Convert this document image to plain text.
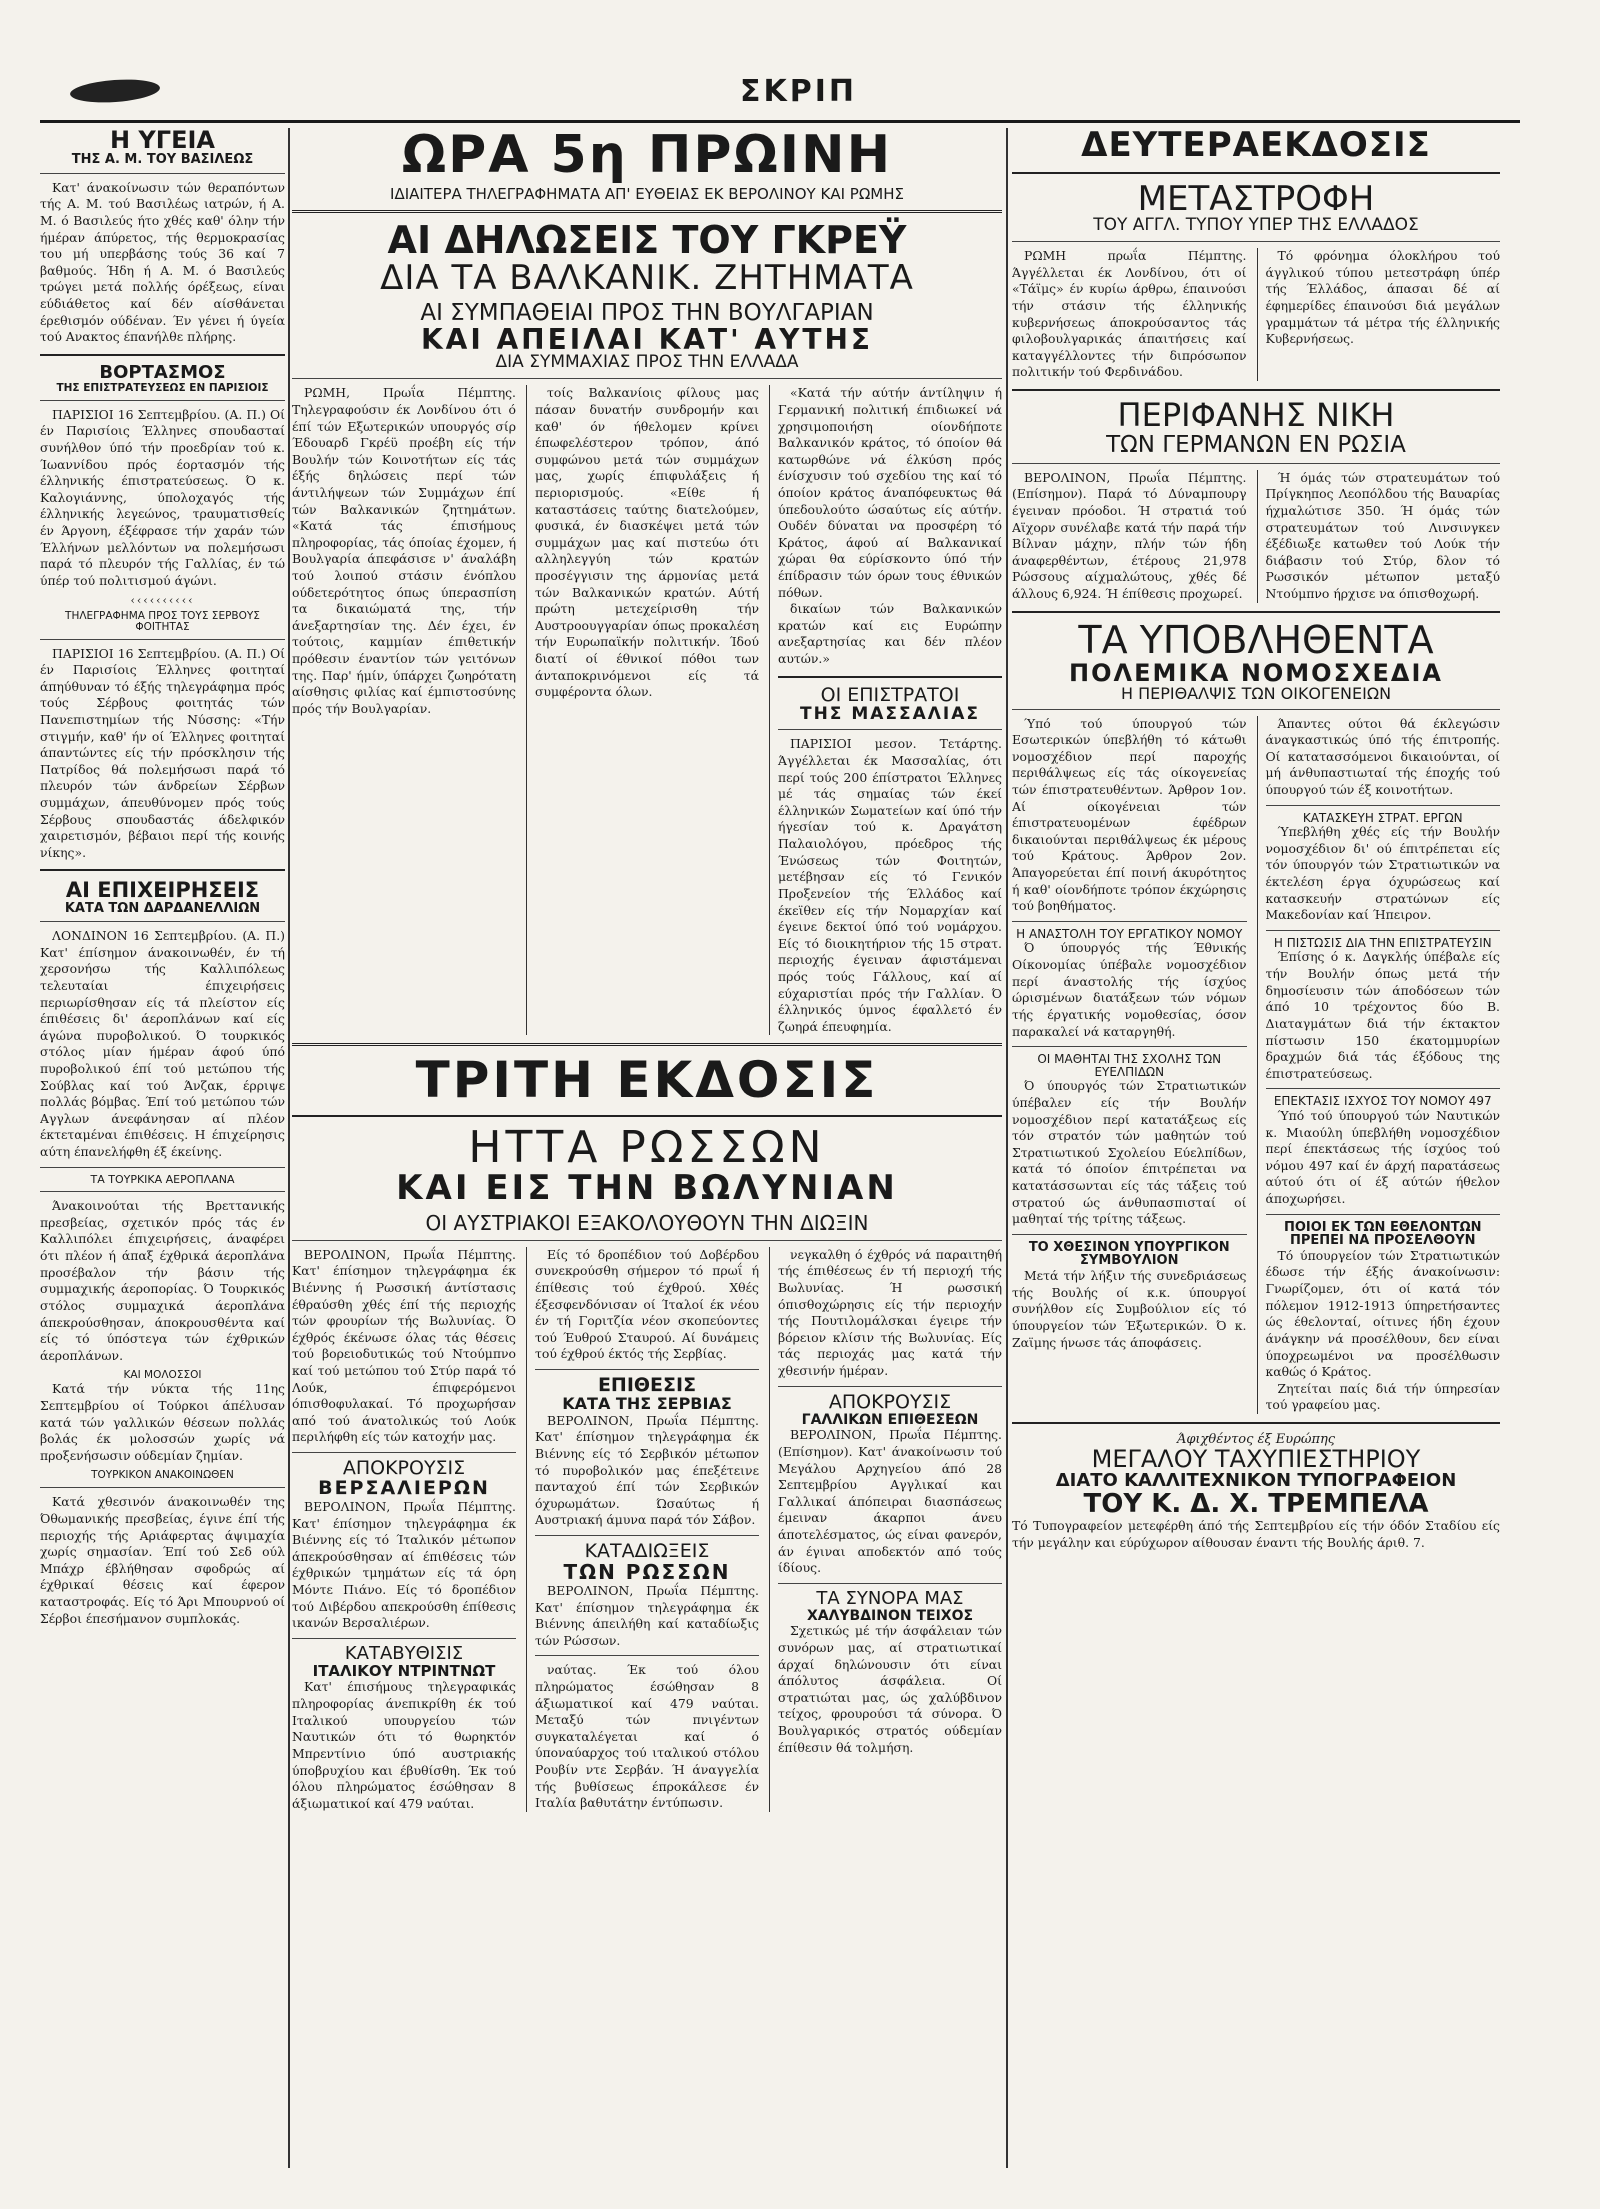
ΣΚΡΙΠ
Η ΥΓΕΙΑ
ΤΗΣ Α. Μ. ΤΟΥ ΒΑΣΙΛΕΩΣ

Κατ' άνακοίνωσιν τών θεραπόντων τής Α. Μ. τού Βασιλέως ιατρών, ή Α. Μ. ό Βασιλεύς ήτο χθές καθ' όλην τήν ήμέραν άπύρετος, τής θερμοκρασίας του μή υπερβάσης τούς 36 καί 7 βαθμούς. Ήδη ή Α. Μ. ό Βασιλεύς τρώγει μετά πολλής όρέξεως, είναι εύδιάθετος καί δέν αίσθάνεται έρεθισμόν ούδέναν. Έν γένει ή ύγεία τού Ανακτος έπανήλθε πλήρης.

ΒΟΡΤΑΣΜΟΣ
ΤΗΣ ΕΠΙΣΤΡΑΤΕΥΣΕΩΣ ΕΝ ΠΑΡΙΣΙΟΙΣ

ΠΑΡΙΣΙΟΙ 16 Σεπτεμβρίου. (Α. Π.) Οί έν Παρισίοις Έλληνες σπουδασταί συνήλθον ύπό τήν προεδρίαν τού κ. Ίωαννίδου πρός έορτασμόν τής έλληνικής έπιστρατεύσεως. Ό κ. Καλογιάννης, ύπολοχαγός τής έλληνικής λεγεώνος, τραυματισθείς έν Άργονη, έξέφρασε τήν χαράν τών Έλλήνων μελλόντων να πολεμήσωσι παρά τό πλευρόν τής Γαλλίας, έν τώ ύπέρ τού πολιτισμού άγώνι.

‹‹‹‹‹‹‹‹‹‹
ΤΗΛΕΓΡΑΦΗΜΑ ΠΡΟΣ ΤΟΥΣ ΣΕΡΒΟΥΣ ΦΟΙΤΗΤΑΣ

ΠΑΡΙΣΙΟΙ 16 Σεπτεμβρίου. (Α. Π.) Οί έν Παρισίοις Έλληνες φοιτηταί άπηύθυναν τό έξής τηλεγράφημα πρός τούς Σέρβους φοιτητάς τών Πανεπιστημίων τής Νύσσης: «Τήν στιγμήν, καθ' ήν οί Έλληνες φοιτηταί άπαντώντες είς τήν πρόσκλησιν τής Πατρίδος θά πολεμήσωσι παρά τό πλευρόν τών άνδρείων Σέρβων συμμάχων, άπευθύνομεν πρός τούς Σέρβους σπουδαστάς άδελφικόν χαιρετισμόν, βέβαιοι περί τής κοινής νίκης».

ΑΙ ΕΠΙΧΕΙΡΗΣΕΙΣ
ΚΑΤΑ ΤΩΝ ΔΑΡΔΑΝΕΛΛΙΩΝ

ΛΟΝΔΙΝΟΝ 16 Σεπτεμβρίου. (Α. Π.) Κατ' έπίσημον άνακοινωθέν, έν τή χερσονήσω τής Καλλιπόλεως τελευταίαι έπιχειρήσεις περιωρίσθησαν είς τά πλείστον είς έπιθέσεις δι' άεροπλάνων καί είς άγώνα πυροβολικού. Ό τουρκικός στόλος μίαν ήμέραν άφού ύπό πυροβολικού έπί τού μετώπου τής Σούβλας καί τού Άνζακ, έρριψε πολλάς βόμβας. Έπί τού μετώπου τών Αγγλων άνεφάνησαν αί πλέον έκτεταμέναι έπιθέσεις. Η έπιχείρησις αύτη έπανελήφθη έξ έκείνης.

ΤΑ ΤΟΥΡΚΙΚΑ ΑΕΡΟΠΛΑΝΑ

Άνακοινούται τής Βρεττανικής πρεσβείας, σχετικόν πρός τάς έν Καλλιπόλει έπιχειρήσεις, άναφέρει ότι πλέον ή άπαξ έχθρικά άεροπλάνα προσέβαλον τήν βάσιν τής συμμαχικής άεροπορίας. Ό Τουρκικός στόλος συμμαχικά άεροπλάνα άπεκρούσθησαν, άποκρουσθέντα καί είς τό ύπόστεγα τών έχθρικών άεροπλάνων.

ΚΑΙ ΜΟΛΟΣΣΟΙ

Κατά τήν νύκτα τής 11ης Σεπτεμβρίου οί Τούρκοι άπέλυσαν κατά τών γαλλικών θέσεων πολλάς βολάς έκ μολοσσών χωρίς νά προξενήσωσιν ούδεμίαν ζημίαν.

ΤΟΥΡΚΙΚΟΝ ΑΝΑΚΟΙΝΩΘΕΝ

Κατά χθεσινόν άνακοινωθέν της Όθωμανικής πρεσβείας, έγινε έπί τής περιοχής τής Αριάφερτας άψιμαχία χωρίς σημασίαν. Έπί τού Σεδ ούλ Μπάχρ έβλήθησαν σφοδρώς αί έχθρικαί θέσεις καί έφερον καταστροφάς. Είς τό Άρι Μπουρνού οί Σέρβοι έπεσήμανον συμπλοκάς.

ΩΡΑ 5η ΠΡΩΙΝΗ
ΙΔΙΑΙΤΕΡΑ ΤΗΛΕΓΡΑΦΗΜΑΤΑ ΑΠ' ΕΥΘΕΙΑΣ ΕΚ ΒΕΡΟΛΙΝΟΥ ΚΑΙ ΡΩΜΗΣ
ΑΙ ΔΗΛΩΣΕΙΣ ΤΟΥ ΓΚΡΕΫ
ΔΙΑ ΤΑ ΒΑΛΚΑΝΙΚ. ΖΗΤΗΜΑΤΑ
ΑΙ ΣΥΜΠΑΘΕΙΑΙ ΠΡΟΣ ΤΗΝ ΒΟΥΛΓΑΡΙΑΝ
ΚΑΙ ΑΠΕΙΛΑΙ ΚΑΤ' ΑΥΤΗΣ
ΔΙΑ ΣΥΜΜΑΧΙΑΣ ΠΡΟΣ ΤΗΝ ΕΛΛΑΔΑ

ΡΩΜΗ, Πρωΐα Πέμπτης. Τηλεγραφούσιν έκ Λονδίνου ότι ό έπί τών Εξωτερικών υπουργός σίρ Έδουαρδ Γκρέϋ προέβη είς τήν Βουλήν τών Κοινοτήτων είς τάς έξής δηλώσεις περί τών άντιλήψεων τών Συμμάχων έπί τών Βαλκανικών ζητημάτων. «Κατά τάς έπισήμους πληροφορίας, τάς όποίας έχομεν, ή Βουλγαρία άπεφάσισε ν' άναλάβη τού λοιπού στάσιν ένόπλου ούδετερότητος όπως ύπερασπίση τα δικαιώματά της, τήν άνεξαρτησίαν της. Δέν έχει, έν τούτοις, καμμίαν έπιθετικήν πρόθεσιν έναντίον τών γειτόνων της. Παρ' ήμίν, ύπάρχει ζωηρότατη αίσθησις φιλίας καί έμπιστοσύνης πρός τήν Βουλγαρίαν.

τοίς Βαλκανίοις φίλους μας πάσαν δυνατήν συνδρομήν και καθ' όν ήθελομεν κρίνει έπωφελέστερον τρόπον, άπό συμφώνου μετά τών συμμάχων μας, χωρίς έπιφυλάξεις ή περιορισμούς. «Είθε ή καταστάσεις ταύτης διατελούμεν, φυσικά, έν διασκέψει μετά τών συμμάχων μας καί πιστεύω ότι αλληλεγγύη τών κρατών προσέγγισιν της άρμονίας μετά τών Βαλκανικών κρατών. Αύτή πρώτη μετεχείρισθη τήν Αυστροουγγαρίαν όπως προκαλέση τήν Ευρωπαϊκήν πολιτικήν. Ίδού διατί οί έθνικοί πόθοι των άνταποκρινόμενοι είς τά συμφέροντα όλων.

«Κατά τήν αύτήν άντίληψιν ή Γερμανική πολιτική έπιδιωκεί νά χρησιμοποιήση οίονδήποτε Βαλκανικόν κράτος, τό όποίον θά κατωρθώνε νά έλκύση πρός ένίσχυσιν τού σχεδίου της καί τό όποίον κράτος άναπόφευκτως θά ύπεδουλούτο ώσαύτως είς αύτήν. Ουδέν δύναται να προσφέρη τό Κράτος, άφού αί Βαλκανικαί χώραι θα εύρίσκοντο ύπό τήν έπίδρασιν τών όρων τους έθνικών πόθων.

δικαίων τών Βαλκανικών κρατών καί εις Ευρώπην ανεξαρτησίας και δέν πλέον αυτών.»

ΟΙ ΕΠΙΣΤΡΑΤΟΙ
ΤΗΣ ΜΑΣΣΑΛΙΑΣ

ΠΑΡΙΣΙΟΙ μεσον. Τετάρτης. Άγγέλλεται έκ Μασσαλίας, ότι περί τούς 200 έπίστρατοι Έλληνες μέ τάς σημαίας τών έκεί έλληνικών Σωματείων καί ύπό τήν ήγεσίαν τού κ. Δραγάτση Παλαιολόγου, πρόεδρος τής Ένώσεως τών Φοιτητών, μετέβησαν είς τό Γενικόν Προξενείον τής Έλλάδος καί έκεϊθεν είς τήν Νομαρχίαν καί έγεινε δεκτοί ύπό τού νομάρχου. Είς τό διοικητήριον τής 15 στρατ. περιοχής έγειναν άφιστάμεναι πρός τούς Γάλλους, καί αί εύχαριστίαι πρός τήν Γαλλίαν. Ό έλληνικός ύμνος έφαλλετό έν ζωηρά έπευφημία.

ΤΡΙΤΗ ΕΚΔΟΣΙΣ
ΗΤΤΑ ΡΩΣΣΩΝ
ΚΑΙ ΕΙΣ ΤΗΝ ΒΩΛΥΝΙΑΝ
ΟΙ ΑΥΣΤΡΙΑΚΟΙ ΕΞΑΚΟΛΟΥΘΟΥΝ ΤΗΝ ΔΙΩΞΙΝ

ΒΕΡΟΛΙΝΟΝ, Πρωΐα Πέμπτης. Κατ' έπίσημον τηλεγράφημα έκ Βιέννης ή Ρωσσική άντίστασις έθραύσθη χθές έπί τής περιοχής τών φρουρίων τής Βωλυνίας. Ό έχθρός έκένωσε όλας τάς θέσεις τού βορειοδυτικώς τού Ντούμπνο καί τού μετώπου τού Στύρ παρά τό Λούκ, έπιφερόμενοι όπισθοφυλακαί. Τό προχωρήσαν από τού άνατολικώς τού Λούκ περιλήφθη είς τών κατοχήν μας.

ΑΠΟΚΡΟΥΣΙΣ
ΒΕΡΣΑΛΙΕΡΩΝ

ΒΕΡΟΛΙΝΟΝ, Πρωΐα Πέμπτης. Κατ' έπίσημον τηλεγράφημα έκ Βιέννης είς τό Ίταλικόν μέτωπον άπεκρούσθησαν αί έπιθέσεις τών έχθρικών τμημάτων είς τά όρη Μόντε Πιάνο. Είς τό δροπέδιον τού Διβέρδου απεκρούσθη έπίθεσις ικανών Βερσαλιέρων.

ΚΑΤΑΒΥΘΙΣΙΣ
ΙΤΑΛΙΚΟΥ ΝΤΡΙΝΤΝΩΤ

Κατ' έπισήμους τηλεγραφικάς πληροφορίας άνεπικρίθη έκ τού Ιταλικού υπουργείου τών Ναυτικών ότι τό θωρηκτόν Μπρεντίνιο ύπό αυστριακής ύποβρυχίου και έβυθίσθη. Έκ τού όλου πληρώματος έσώθησαν 8 άξιωματικοί καί 479 ναύται.

Είς τό δροπέδιον τού Δοβέρδου συνεκρούσθη σήμερον τό πρωΐ ή έπίθεσις τού έχθρού. Χθές έξεσφενδόνισαν οί Ίταλοί έκ νέου έν τή Γοριτζία νέον σκοπεύοντες τού Έυθρού Σταυρού. Αί δυνάμεις τού έχθρού έκτός τής Σερβίας.

ΕΠΙΘΕΣΙΣ
ΚΑΤΑ ΤΗΣ ΣΕΡΒΙΑΣ

ΒΕΡΟΛΙΝΟΝ, Πρωΐα Πέμπτης. Κατ' έπίσημον τηλεγράφημα έκ Βιέννης είς τό Σερβικόν μέτωπον τό πυροβολικόν μας έπεξέτεινε πανταχού έπί τών Σερβικών όχυρωμάτων. Ώσαύτως ή Αυστριακή άμυνα παρά τόν Σάβον.

ΚΑΤΑΔΙΩΞΕΙΣ
ΤΩΝ ΡΩΣΣΩΝ

ΒΕΡΟΛΙΝΟΝ, Πρωΐα Πέμπτης. Κατ' έπίσημον τηλεγράφημα έκ Βιέννης άπειλήθη καί καταδίωξις τών Ρώσσων.

ναύτας. Έκ τού όλου πληρώματος έσώθησαν 8 άξιωματικοί καί 479 ναύται. Μεταξύ τών πνιγέντων συγκαταλέγεται καί ό ύποναύαρχος τού ιταλικού στόλου Ρουβίν ντε Σερβάν. Ή άναγγελία τής βυθίσεως έπροκάλεσε έν Ιταλία βαθυτάτην έντύπωσιν.

νεγκαλθη ό έχθρός νά παραιτηθή τής έπιθέσεως έν τή περιοχή τής Βωλυνίας. Ή ρωσσική όπισθοχώρησις είς τήν περιοχήν τής Πουτιλομάλσκαι έγειρε τήν βόρειον κλίσιν τής Βωλυνίας. Είς τάς περιοχάς μας κατά τήν χθεσινήν ήμέραν.

ΑΠΟΚΡΟΥΣΙΣ
ΓΑΛΛΙΚΩΝ ΕΠΙΘΕΣΕΩΝ

ΒΕΡΟΛΙΝΟΝ, Πρωΐα Πέμπτης. (Επίσημον). Κατ' άνακοίνωσιν τού Μεγάλου Αρχηγείου άπό 28 Σεπτεμβρίου Αγγλικαί και Γαλλικαί άπόπειραι διασπάσεως έμειναν άκαρποι άνευ άποτελέσματος, ώς είναι φανερόν, άν έγιναι αποδεκτόν από τούς ίδίους.

ΤΑ ΣΥΝΟΡΑ ΜΑΣ
ΧΑΛΥΒΔΙΝΟΝ ΤΕΙΧΟΣ

Σχετικώς μέ τήν άσφάλειαν τών συνόρων μας, αί στρατιωτικαί άρχαί δηλώνουσιν ότι είναι άπόλυτος άσφάλεια. Οί στρατιώται μας, ώς χαλύβδινον τείχος, φρουρούσι τά σύνορα. Ό Βουλγαρικός στρατός ούδεμίαν έπίθεσιν θά τολμήση.

ΔΕΥΤΕΡΑΕΚΔΟΣΙΣ
ΜΕΤΑΣΤΡΟΦΗ
ΤΟΥ ΑΓΓΛ. ΤΥΠΟΥ ΥΠΕΡ ΤΗΣ ΕΛΛΑΔΟΣ

ΡΩΜΗ πρωΐα Πέμπτης. Άγγέλλεται έκ Λονδίνου, ότι οί «Τάϊμς» έν κυρίω άρθρω, έπαινούσι τήν στάσιν τής έλληνικής κυβερνήσεως άποκρούσαντος τάς φιλοβουλγαρικάς άπαιτήσεις καί καταγγέλλοντες τήν διπρόσωπον πολιτικήν τού Φερδινάδου.

Τό φρόνημα όλοκλήρου τού άγγλικού τύπου μετεστράφη ύπέρ τής Έλλάδος, άπασαι δέ αί έφημερίδες έπαινούσι διά μεγάλων γραμμάτων τά μέτρα τής έλληνικής Κυβερνήσεως.

ΠΕΡΙΦΑΝΗΣ ΝΙΚΗ
ΤΩΝ ΓΕΡΜΑΝΩΝ ΕΝ ΡΩΣΙΑ

ΒΕΡΟΛΙΝΟΝ, Πρωΐα Πέμπτης. (Επίσημον). Παρά τό Δύναμπουργ έγειναν πρόοδοι. Ή στρατιά τού Αϊχορν συνέλαβε κατά τήν παρά τήν Βίλναν μάχην, πλήν τών ήδη άναφερθέντων, έτέρους 21,978 Ρώσσους αίχμαλώτους, χθές δέ άλλους 6,924. Ή έπίθεσις προχωρεί.

Ή όμάς τών στρατευμάτων τού Πρίγκηπος Λεοπόλδου τής Βαυαρίας ήχμαλώτισε 350. Ή όμάς τών στρατευμάτων τού Λινσινγκεν έξέδιωξε κατωθεν τού Λούκ τήν διάβασιν τού Στύρ, δλον τό Ρωσσικόν μέτωπον μεταξύ Ντούμπνο ήρχισε να όπισθοχωρή.

ΤΑ ΥΠΟΒΛΗΘΕΝΤΑ
ΠΟΛΕΜΙΚΑ ΝΟΜΟΣΧΕΔΙΑ
Η ΠΕΡΙΘΑΛΨΙΣ ΤΩΝ ΟΙΚΟΓΕΝΕΙΩΝ

Ύπό τού ύπουργού τών Εσωτερικών ύπεβλήθη τό κάτωθι νομοσχέδιον περί παροχής περιθάλψεως είς τάς οίκογενείας τών έπιστρατευθέντων. Άρθρον 1ον. Αί οίκογένειαι τών έπιστρατευομένων έφέδρων δικαιούνται περιθάλψεως έκ μέρους τού Κράτους. Άρθρον 2ον. Άπαγορεύεται έπί ποινή άκυρότητος ή καθ' οίονδήποτε τρόπον έκχώρησις τού βοηθήματος.

Η ΑΝΑΣΤΟΛΗ ΤΟΥ ΕΡΓΑΤΙΚΟΥ ΝΟΜΟΥ

Ό ύπουργός τής Έθνικής Οίκονομίας ύπέβαλε νομοσχέδιον περί άναστολής τής ίσχύος ώρισμένων διατάξεων τών νόμων τής έργατικής νομοθεσίας, όσον παρακαλεί νά καταργηθή.

ΟΙ ΜΑΘΗΤΑΙ ΤΗΣ ΣΧΟΛΗΣ ΤΩΝ ΕΥΕΛΠΙΔΩΝ

Ό ύπουργός τών Στρατιωτικών ύπέβαλεν είς τήν Βουλήν νομοσχέδιον περί κατατάξεως είς τόν στρατόν τών μαθητών τού Στρατιωτικού Σχολείου Εύελπίδων, κατά τό όποίον έπιτρέπεται να κατατάσσωνται είς τάς τάξεις τού στρατού ώς άνθυπασπισταί οί μαθηταί τής τρίτης τάξεως.

ΤΟ ΧΘΕΣΙΝΟΝ ΥΠΟΥΡΓΙΚΟΝ ΣΥΜΒΟΥΛΙΟΝ

Μετά τήν λήξιν τής συνεδριάσεως τής Βουλής οί κ.κ. ύπουργοί συνήλθον είς Συμβούλιον είς τό ύπουργείον τών Έξωτερικών. Ό κ. Ζαϊμης ήνωσε τάς άποφάσεις.

Άπαντες ούτοι θά έκλεγώσιν άναγκαστικώς ύπό τής έπιτροπής. Οί κατατασσόμενοι δικαιούνται, οί μή άνθυπαστιωταί τής έποχής τού ύπουργού τών έξ κοινοτήτων.

ΚΑΤΑΣΚΕΥΗ ΣΤΡΑΤ. ΕΡΓΩΝ

Ύπεβλήθη χθές είς τήν Βουλήν νομοσχέδιον δι' ού έπιτρέπεται είς τόν ύπουργόν τών Στρατιωτικών να έκτελέση έργα όχυρώσεως καί κατασκευήν στρατώνων είς Μακεδονίαν καί Ήπειρον.

Η ΠΙΣΤΩΣΙΣ ΔΙΑ ΤΗΝ ΕΠΙΣΤΡΑΤΕΥΣΙΝ

Έπίσης ό κ. Δαγκλής ύπέβαλε είς τήν Βουλήν όπως μετά τήν δημοσίευσιν τών άποδόσεων τών άπό 10 τρέχοντος δύο Β. Διαταγμάτων διά τήν έκτακτον πίστωσιν 150 έκατομμυρίων δραχμών διά τάς έξόδους της έπιστρατεύσεως.

ΕΠΕΚΤΑΣΙΣ ΙΣΧΥΟΣ ΤΟΥ ΝΟΜΟΥ 497

Ύπό τού ύπουργού τών Ναυτικών κ. Μιαούλη ύπεβλήθη νομοσχέδιον περί έπεκτάσεως τής ίσχύος τού νόμου 497 καί έν άρχή παρατάσεως αύτού ότι οί έξ αύτών ήθελον άποχωρήσει.

ΠΟΙΟΙ ΕΚ ΤΩΝ ΕΘΕΛΟΝΤΩΝ ΠΡΕΠΕΙ ΝΑ ΠΡΟΣΕΛΘΟΥΝ

Τό ύπουργείον τών Στρατιωτικών έδωσε τήν έξής άνακοίνωσιν: Γνωρίζομεν, ότι οί κατά τόν πόλεμον 1912-1913 ύπηρετήσαντες ώς έθελονταί, οίτινες ήδη έχουν άνάγκην νά προσέλθουν, δεν είναι ύποχρεωμένοι να προσέλθωσιν καθώς ό Κράτος.

Ζητείται παίς διά τήν ύπηρεσίαν τού γραφείου μας.

Άφιχθέντος έξ Ευρώπης
ΜΕΓΑΛΟΥ ΤΑΧΥΠΙΕΣΤΗΡΙΟΥ
ΔΙΑΤΟ ΚΑΛΛΙΤΕΧΝΙΚΟΝ ΤΥΠΟΓΡΑΦΕΙΟΝ
ΤΟΥ Κ. Δ. Χ. ΤΡΕΜΠΕΛΑ

Τό Τυπογραφείον μετεφέρθη άπό τής Σεπτεμβρίου είς τήν όδόν Σταδίου είς τήν μεγάλην και εύρύχωρον αίθουσαν έναντι τής Βουλής άριθ. 7.
